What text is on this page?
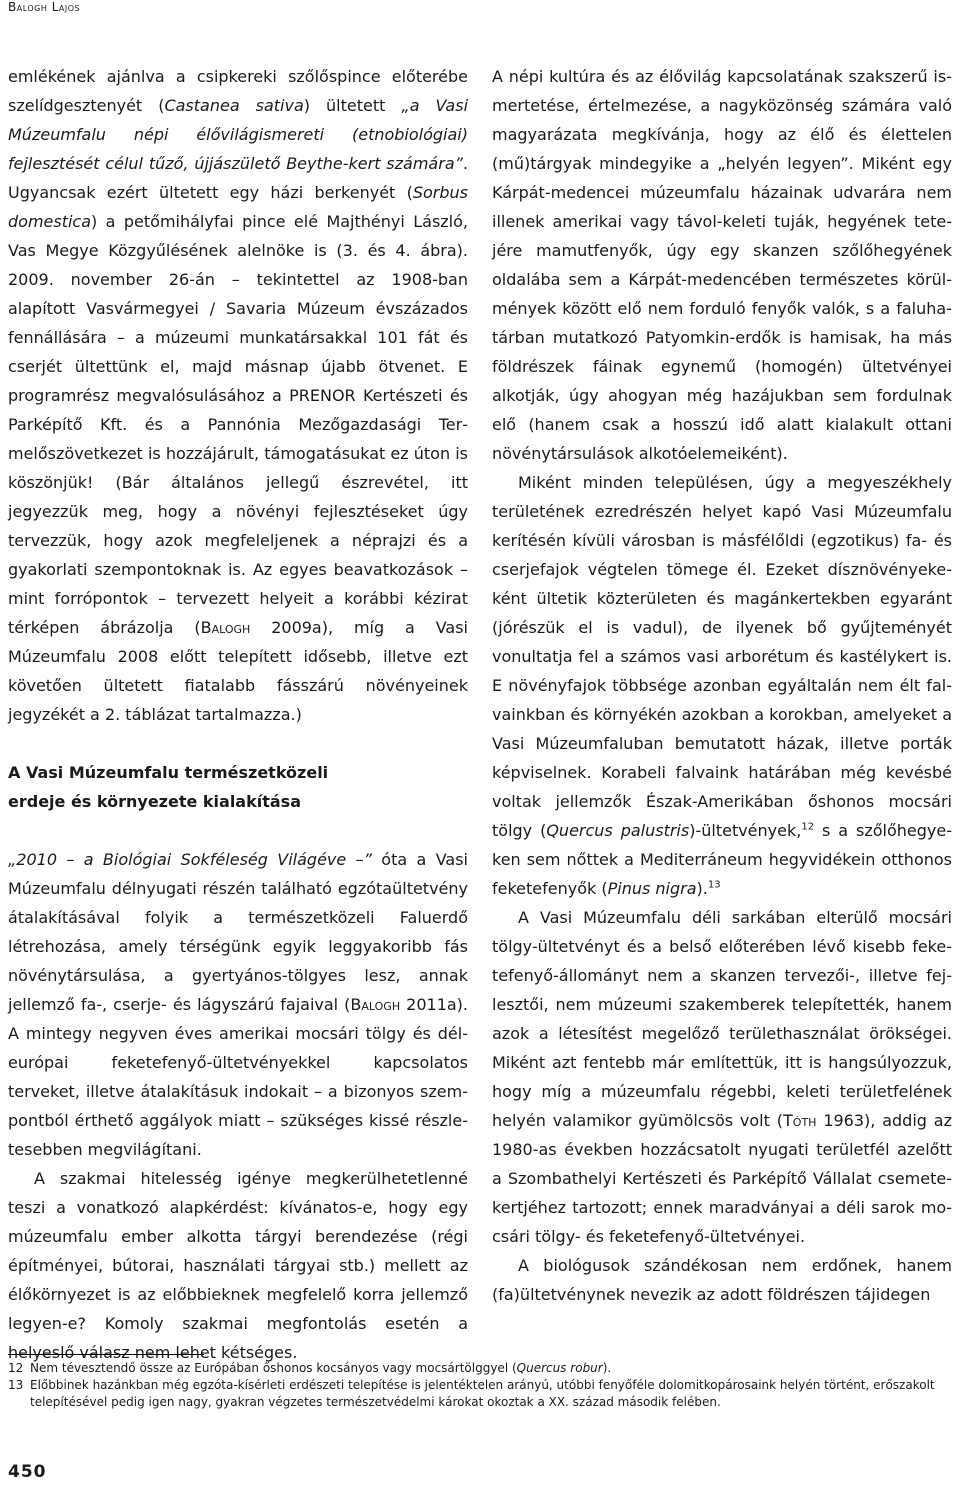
Balogh Lajos

emlékének ajánlva a csipkereki szőlőspince előterébe szelídgesztenyét (Castanea sativa) ültetett „a Vasi Múzeumfalu népi élővilágismereti (etnobiológiai) fejlesztését célul tűző, újjászülető Beythe-kert számára”. Ugyancsak ezért ültetett egy házi berkenyét (Sorbus domestica) a petőmihályfai pince elé Majthényi László, Vas Megye Közgyűlésének alelnöke is (3. és 4. ábra). 2009. november 26-án – tekintettel az 1908-ban alapított Vasvármegyei / Savaria Múzeum évszázados fennállására – a múzeumi munkatársakkal 101 fát és cserjét ültettünk el, majd másnap újabb ötvenet. E programrész megvalósulásához a PRENOR Kertészeti és Parképítő Kft. és a Pannónia Mezőgazdasági Termelőszövetkezet is hozzájárult, támogatásukat ez úton is köszönjük! (Bár általános jellegű észrevétel, itt jegyezzük meg, hogy a növényi fejlesztéseket úgy tervezzük, hogy azok megfeleljenek a néprajzi és a gyakorlati szempontoknak is. Az egyes beavatkozások – mint forrópontok – tervezett helyeit a korábbi kézirat térképen ábrázolja (Balogh 2009a), míg a Vasi Múzeumfalu 2008 előtt telepített idősebb, illetve ezt követően ültetett fiatalabb fásszárú növényeinek jegyzékét a 2. táblázat tartalmazza.)

A Vasi Múzeumfalu természetközeli
erdeje és környezete kialakítása

„2010 – a Biológiai Sokféleség Világéve –” óta a Vasi Múzeumfalu délnyugati részén található egzótaültetvény átalakításával folyik a természetközeli Faluerdő létrehozása, amely térségünk egyik leggyakoribb fás növénytársulása, a gyertyános-tölgyes lesz, annak jellemző fa-, cserje- és lágyszárú fajaival (Balogh 2011a). A mintegy negyven éves amerikai mocsári tölgy és dél-európai feketefenyő-ültetvényekkel kapcsolatos terveket, illetve átalakításuk indokait – a bizonyos szempontból érthető aggályok miatt – szükséges kissé részletesebben megvilágítani.

A szakmai hitelesség igénye megkerülhetetlenné teszi a vonatkozó alapkérdést: kívánatos-e, hogy egy múzeumfalu ember alkotta tárgyi berendezése (régi építményei, bútorai, használati tárgyai stb.) mellett az élőkörnyezet is az előbbieknek megfelelő korra jellemző legyen-e? Komoly szakmai megfontolás esetén a helyeslő válasz nem lehet kétséges.

A népi kultúra és az élővilág kapcsolatának szakszerű ismertetése, értelmezése, a nagyközönség számára való magyarázata megkívánja, hogy az élő és élettelen (mű)tárgyak mindegyike a „helyén legyen”. Miként egy Kárpát-medencei múzeumfalu házainak udvarára nem illenek amerikai vagy távol-keleti tuják, hegyének tetejére mamutfenyők, úgy egy skanzen szőlőhegyének oldalába sem a Kárpát-medencében természetes körülmények között elő nem forduló fenyők valók, s a faluhatárban mutatkozó Patyomkin-erdők is hamisak, ha más földrészek fáinak egynemű (homogén) ültetvényei alkotják, úgy ahogyan még hazájukban sem fordulnak elő (hanem csak a hosszú idő alatt kialakult ottani növénytársulások alkotóelemeiként).

Miként minden településen, úgy a megyeszékhely területének ezredrészén helyet kapó Vasi Múzeumfalu kerítésén kívüli városban is másfélőldi (egzotikus) fa- és cserjefajok végtelen tömege él. Ezeket dísznövényekeként ültetik közterületen és magánkertekben egyaránt (jórészük el is vadul), de ilyenek bő gyűjteményét vonultatja fel a számos vasi arborétum és kastélykert is. E növényfajok többsége azonban egyáltalán nem élt falvainkban és környékén azokban a korokban, amelyeket a Vasi Múzeumfaluban bemutatott házak, illetve porták képviselnek. Korabeli falvaink határában még kevésbé voltak jellemzők Észak-Amerikában őshonos mocsári tölgy (Quercus palustris)-ültetvények,$^{12}$ s a szőlőhegyeken sem nőttek a Mediterráneum hegyvidékein otthonos feketefenyők (Pinus nigra).$^{13}$

A Vasi Múzeumfalu déli sarkában elterülő mocsári tölgy-ültetvényt és a belső előterében lévő kisebb feketefenyő-állományt nem a skanzen tervezői-, illetve fejlesztői, nem múzeumi szakemberek telepítették, hanem azok a létesítést megelőző területhasználat örökségei. Miként azt fentebb már említettük, itt is hangsúlyozzuk, hogy míg a múzeumfalu régebbi, keleti területfelének helyén valamikor gyümölcsös volt (Tóth 1963), addig az 1980-as években hozzácsatolt nyugati területfél azelőtt a Szombathelyi Kertészeti és Parképítő Vállalat csemetekertjéhez tartozott; ennek maradványai a déli sarok mocsári tölgy- és feketefenyő-ültetvényei.

A biológusok szándékosan nem erdőnek, hanem (fa)ültetvénynek nevezik az adott földrészen tájidegen

12 Nem tévesztendő össze az Európában őshonos kocsányos vagy mocsártölggyel (Quercus robur).
13 Előbbinek hazánkban még egzóta-kísérleti erdészeti telepítése is jelentéktelen arányú, utóbbi fenyőféle dolomitkopárosaink helyén történt, erőszakolt telepítésével pedig igen nagy, gyakran végzetes természetvédelmi károkat okoztak a XX. század második felében.
450
